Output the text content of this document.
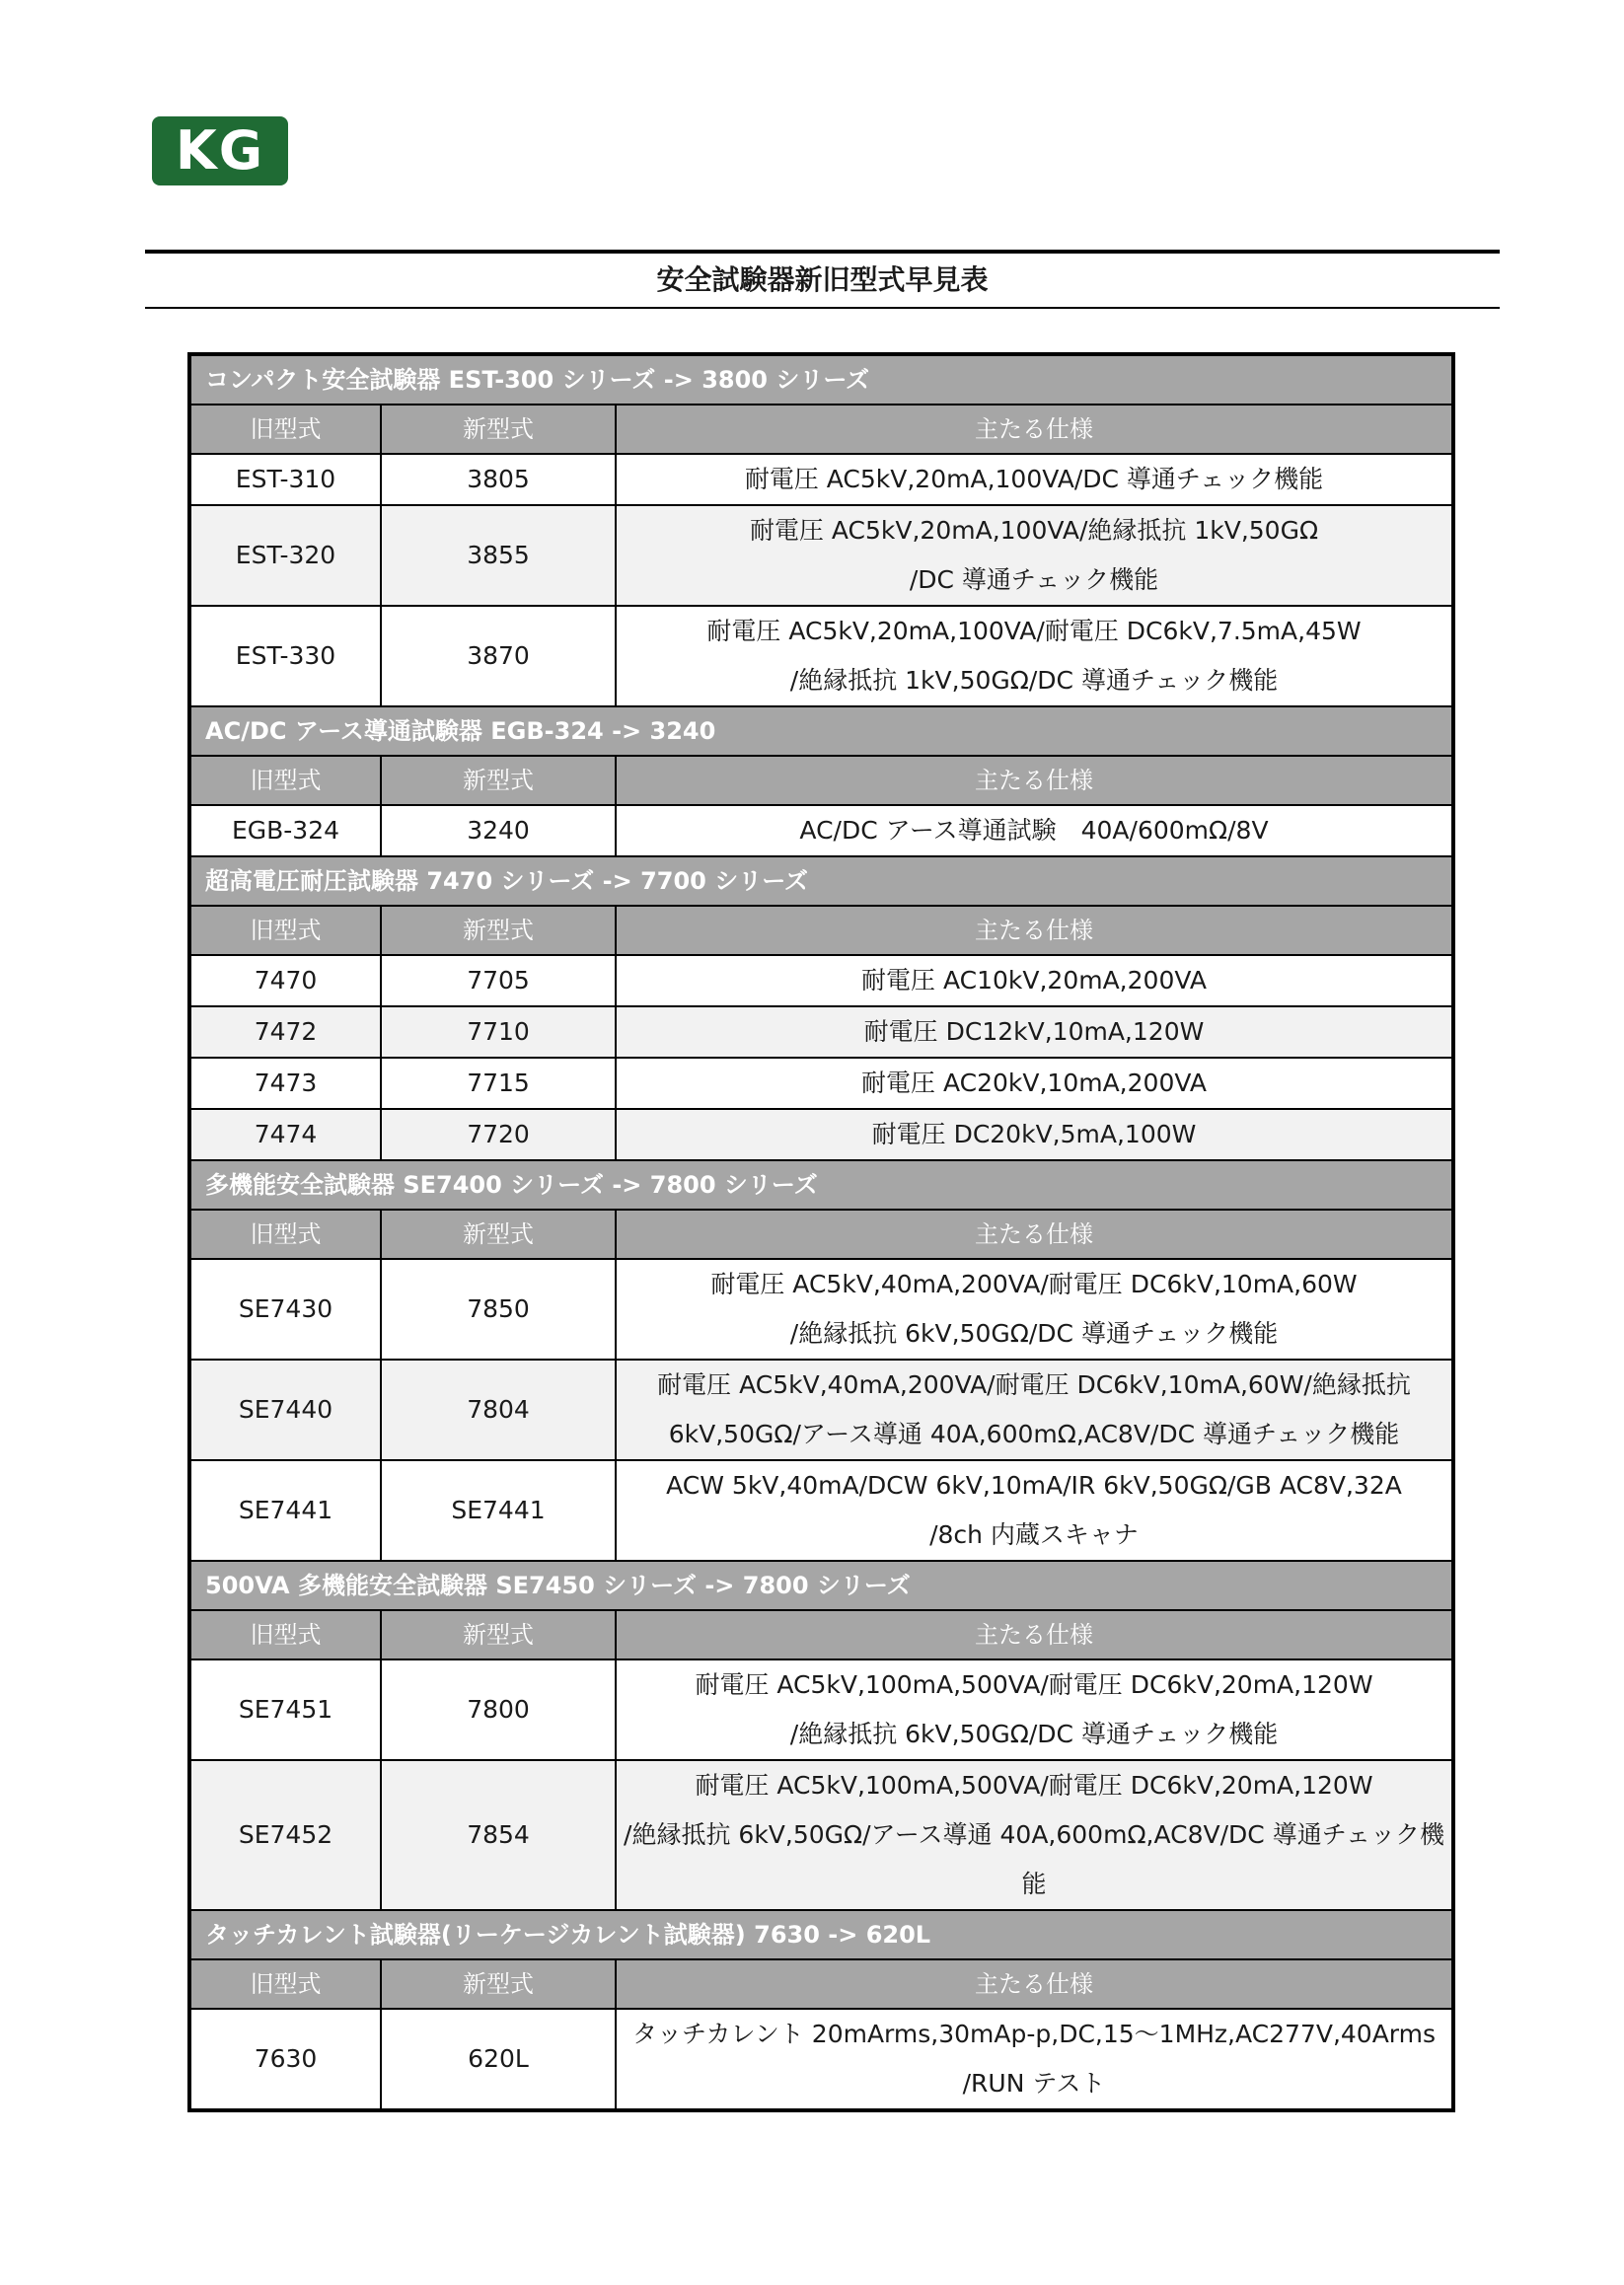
KG
安全試験器新旧型式早見表
コンパクト安全試験器 EST-300 シリーズ -> 3800 シリーズ		
旧型式	新型式	主たる仕様
EST-310	3805	耐電圧 AC5kV,20mA,100VA/DC 導通チェック機能

EST-320	3855	耐電圧 AC5kV,20mA,100VA/絶縁抵抗 1kV,50GΩ
/DC 導通チェック機能

EST-330	3870	耐電圧 AC5kV,20mA,100VA/耐電圧 DC6kV,7.5mA,45W
/絶縁抵抗 1kV,50GΩ/DC 導通チェック機能

AC/DC アース導通試験器 EGB-324 -> 3240		
旧型式	新型式	主たる仕様
EGB-324	3240	AC/DC アース導通試験　40A/600mΩ/8V

超高電圧耐圧試験器 7470 シリーズ -> 7700 シリーズ		
旧型式	新型式	主たる仕様
7470	7705	耐電圧 AC10kV,20mA,200VA

7472	7710	耐電圧 DC12kV,10mA,120W

7473	7715	耐電圧 AC20kV,10mA,200VA

7474	7720	耐電圧 DC20kV,5mA,100W

多機能安全試験器 SE7400 シリーズ -> 7800 シリーズ		
旧型式	新型式	主たる仕様
SE7430	7850	耐電圧 AC5kV,40mA,200VA/耐電圧 DC6kV,10mA,60W
/絶縁抵抗 6kV,50GΩ/DC 導通チェック機能

SE7440	7804	耐電圧 AC5kV,40mA,200VA/耐電圧 DC6kV,10mA,60W/絶縁抵抗
6kV,50GΩ/アース導通 40A,600mΩ,AC8V/DC 導通チェック機能

SE7441	SE7441	ACW 5kV,40mA/DCW 6kV,10mA/IR 6kV,50GΩ/GB AC8V,32A
/8ch 内蔵スキャナ

500VA 多機能安全試験器 SE7450 シリーズ -> 7800 シリーズ		
旧型式	新型式	主たる仕様
SE7451	7800	耐電圧 AC5kV,100mA,500VA/耐電圧 DC6kV,20mA,120W
/絶縁抵抗 6kV,50GΩ/DC 導通チェック機能

SE7452	7854	耐電圧 AC5kV,100mA,500VA/耐電圧 DC6kV,20mA,120W
/絶縁抵抗 6kV,50GΩ/アース導通 40A,600mΩ,AC8V/DC 導通チェック機能

タッチカレント試験器(リーケージカレント試験器) 7630 -> 620L		
旧型式	新型式	主たる仕様
7630	620L	タッチカレント 20mArms,30mAp-p,DC,15～1MHz,AC277V,40Arms
/RUN テスト
